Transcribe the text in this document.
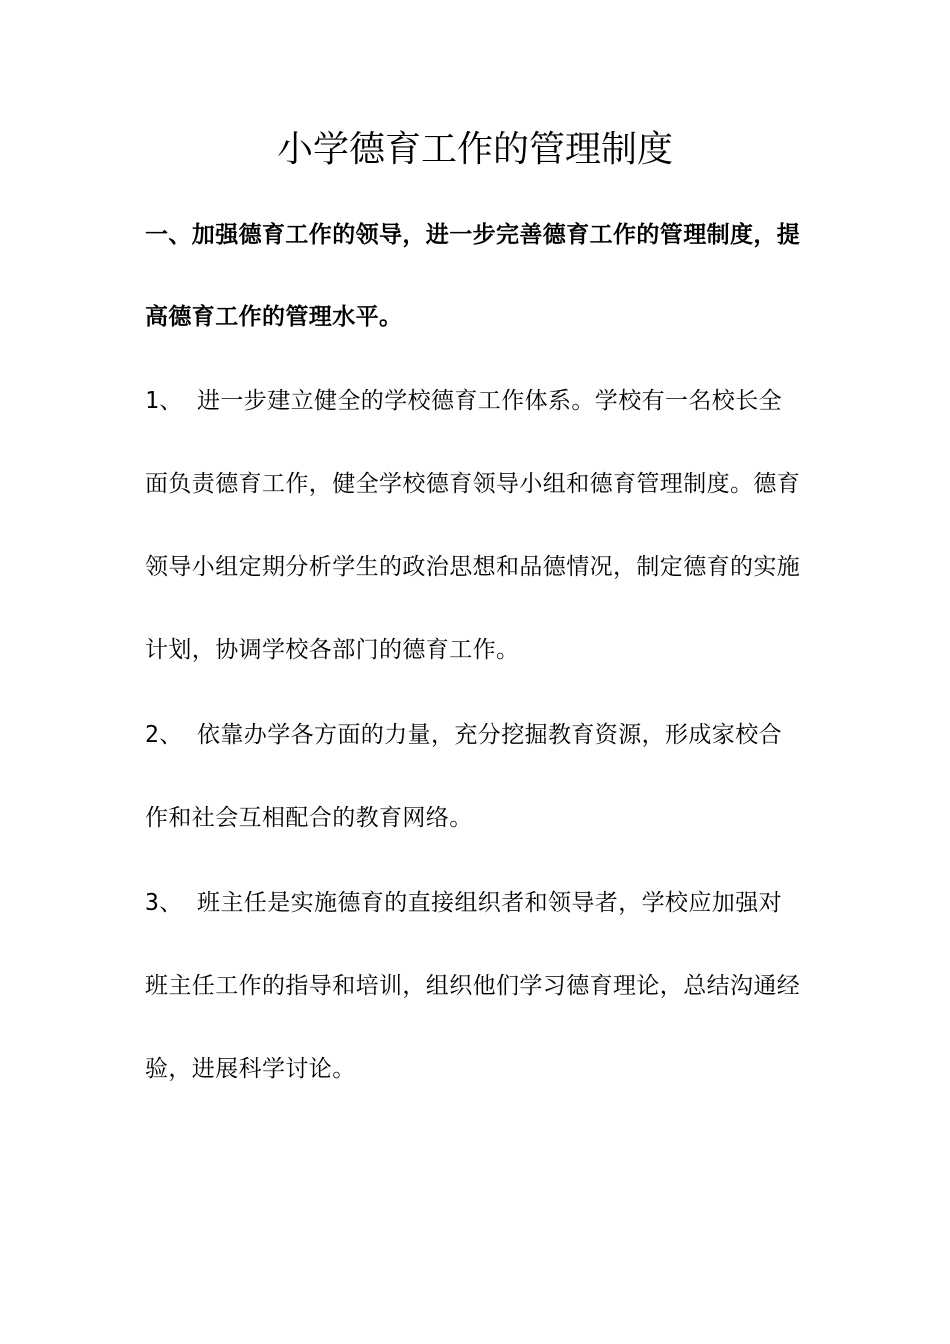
小学德育工作的管理制度

一、加强德育工作的领导，进一步完善德育工作的管理制度，提高德育工作的管理水平。

1、 进一步建立健全的学校德育工作体系。学校有一名校长全面负责德育工作，健全学校德育领导小组和德育管理制度。德育领导小组定期分析学生的政治思想和品德情况，制定德育的实施计划，协调学校各部门的德育工作。

2、 依靠办学各方面的力量，充分挖掘教育资源，形成家校合作和社会互相配合的教育网络。

3、 班主任是实施德育的直接组织者和领导者，学校应加强对班主任工作的指导和培训，组织他们学习德育理论，总结沟通经验，进展科学讨论。
